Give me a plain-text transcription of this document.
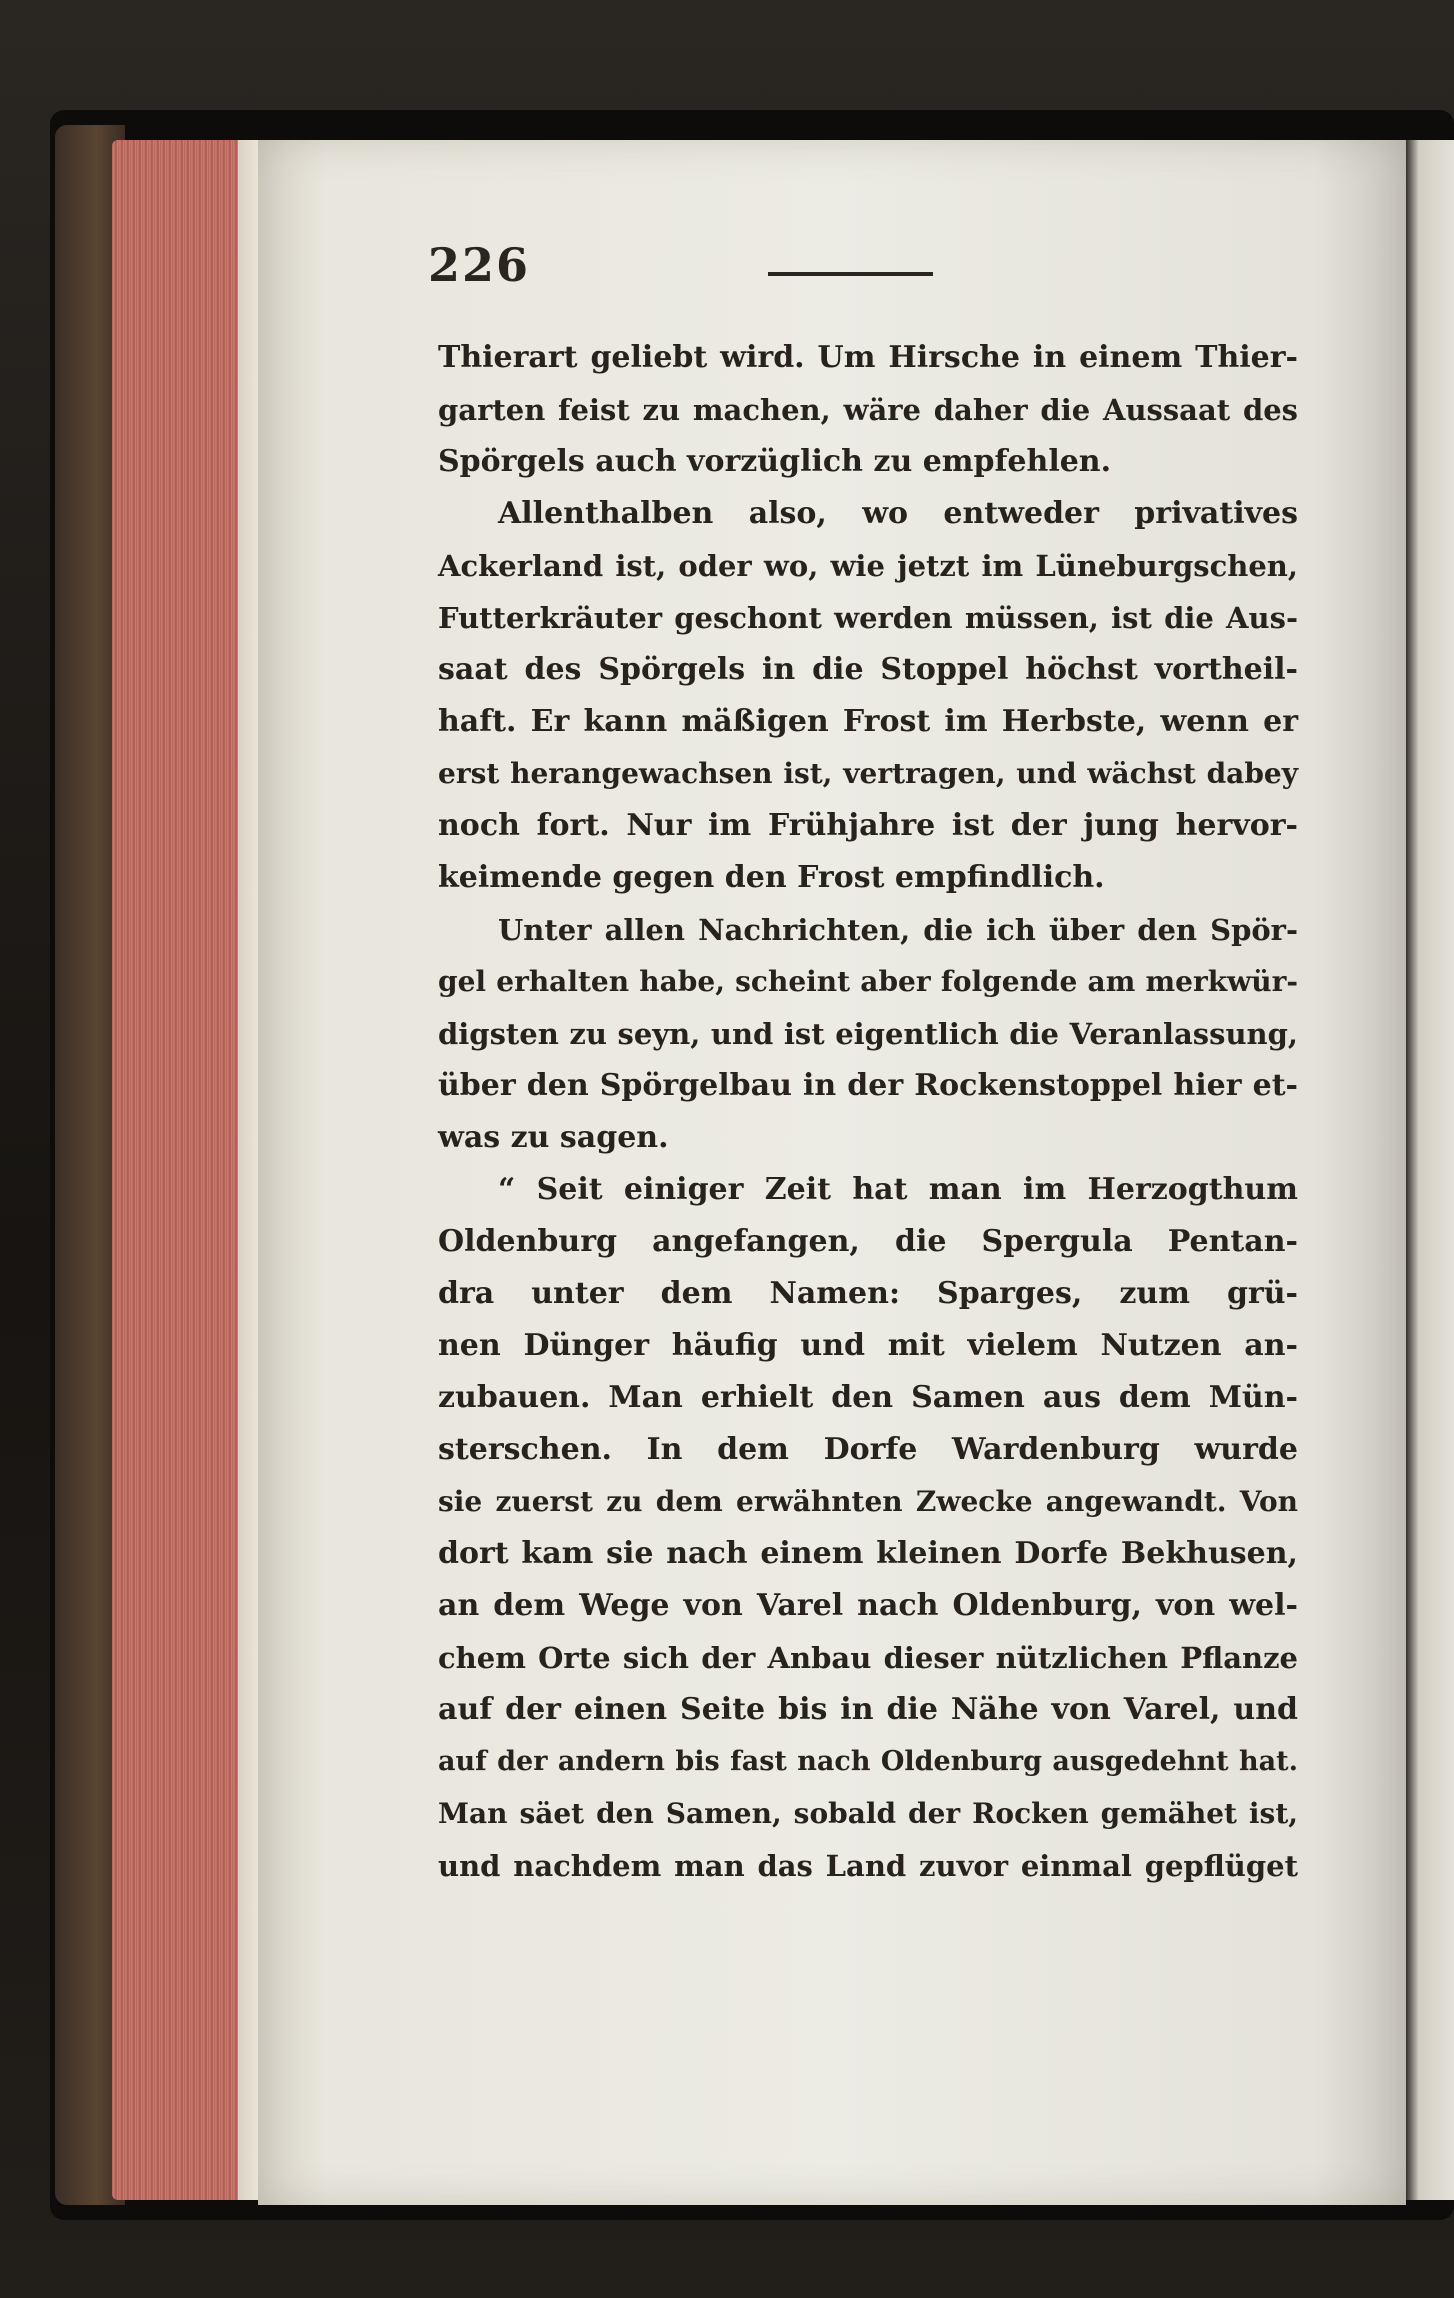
226
Thierart geliebt wird. Um Hirsche in einem Thier-
garten feist zu machen, wäre daher die Aussaat des
Spörgels auch vorzüglich zu empfehlen.
Allenthalben also, wo entweder privatives
Ackerland ist, oder wo, wie jetzt im Lüneburgschen,
Futterkräuter geschont werden müssen, ist die Aus-
saat des Spörgels in die Stoppel höchst vortheil-
haft. Er kann mäßigen Frost im Herbste, wenn er
erst herangewachsen ist, vertragen, und wächst dabey
noch fort. Nur im Frühjahre ist der jung hervor-
keimende gegen den Frost empfindlich.
Unter allen Nachrichten, die ich über den Spör-
gel erhalten habe, scheint aber folgende am merkwür-
digsten zu seyn, und ist eigentlich die Veranlassung,
über den Spörgelbau in der Rockenstoppel hier et-
was zu sagen.
“ Seit einiger Zeit hat man im Herzogthum
Oldenburg angefangen, die Spergula Pentan-
dra unter dem Namen: Sparges, zum grü-
nen Dünger häufig und mit vielem Nutzen an-
zubauen. Man erhielt den Samen aus dem Mün-
sterschen. In dem Dorfe Wardenburg wurde
sie zuerst zu dem erwähnten Zwecke angewandt. Von
dort kam sie nach einem kleinen Dorfe Bekhusen,
an dem Wege von Varel nach Oldenburg, von wel-
chem Orte sich der Anbau dieser nützlichen Pflanze
auf der einen Seite bis in die Nähe von Varel, und
auf der andern bis fast nach Oldenburg ausgedehnt hat.
Man säet den Samen, sobald der Rocken gemähet ist,
und nachdem man das Land zuvor einmal gepflüget
